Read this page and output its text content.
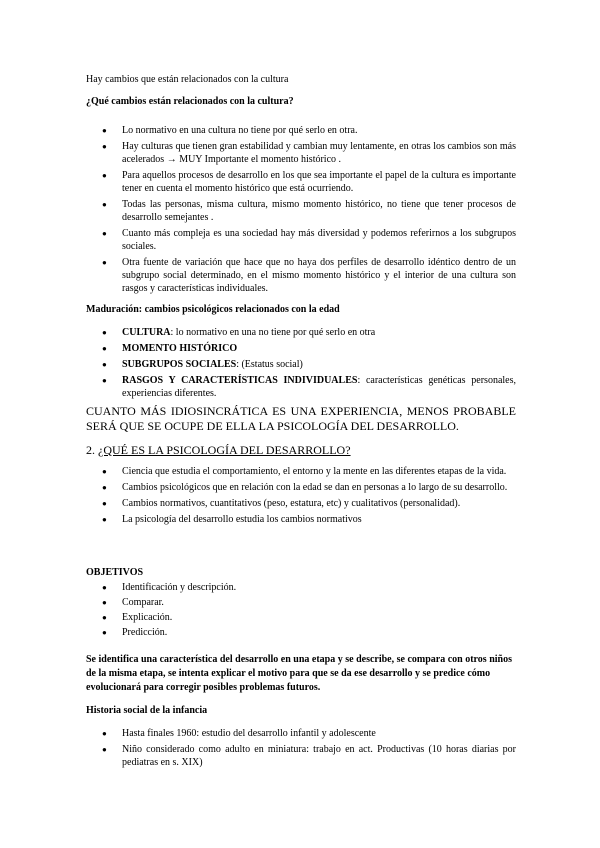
Hay cambios que están relacionados con la cultura

¿Qué cambios están relacionados con la cultura?

● Lo normativo en una cultura no tiene por qué serlo en otra.
● Hay culturas que tienen gran estabilidad y cambian muy lentamente, en otras los cambios son más acelerados → MUY Importante el momento histórico .
● Para aquellos procesos de desarrollo en los que sea importante el papel de la cultura es importante tener en cuenta el momento histórico que está ocurriendo.
● Todas las personas, misma cultura, mismo momento histórico, no tiene que tener procesos de desarrollo semejantes .
● Cuanto más compleja es una sociedad hay más diversidad y podemos referirnos a los subgrupos sociales.
● Otra fuente de variación que hace que no haya dos perfiles de desarrollo idéntico dentro de un subgrupo social determinado, en el mismo momento histórico y el interior de una cultura son rasgos y características individuales.

Maduración: cambios psicológicos relacionados con la edad

● CULTURA: lo normativo en una no tiene por qué serlo en otra
● MOMENTO HISTÓRICO
● SUBGRUPOS SOCIALES: (Estatus social)
● RASGOS Y CARACTERÍSTICAS INDIVIDUALES: características genéticas personales, experiencias diferentes.

CUANTO MÁS IDIOSINCRÁTICA ES UNA EXPERIENCIA, MENOS PROBABLE SERÁ QUE SE OCUPE DE ELLA LA PSICOLOGÍA DEL DESARROLLO.

2. ¿QUÉ ES LA PSICOLOGÍA DEL DESARROLLO?

● Ciencia que estudia el comportamiento, el entorno y la mente en las diferentes etapas de la vida.
● Cambios psicológicos que en relación con la edad se dan en personas a lo largo de su desarrollo.
● Cambios normativos, cuantitativos (peso, estatura, etc) y cualitativos (personalidad).
● La psicología del desarrollo estudia los cambios normativos

OBJETIVOS

● Identificación y descripción.
● Comparar.
● Explicación.
● Predicción.

Se identifica una característica del desarrollo en una etapa y se describe, se compara con otros niños de la misma etapa, se intenta explicar el motivo para que se da ese desarrollo y se predice cómo evolucionará para corregir posibles problemas futuros.

Historia social de la infancia

● Hasta finales 1960: estudio del desarrollo infantil y adolescente
● Niño considerado como adulto en miniatura: trabajo en act. Productivas (10 horas diarias por pediatras en s. XIX)
